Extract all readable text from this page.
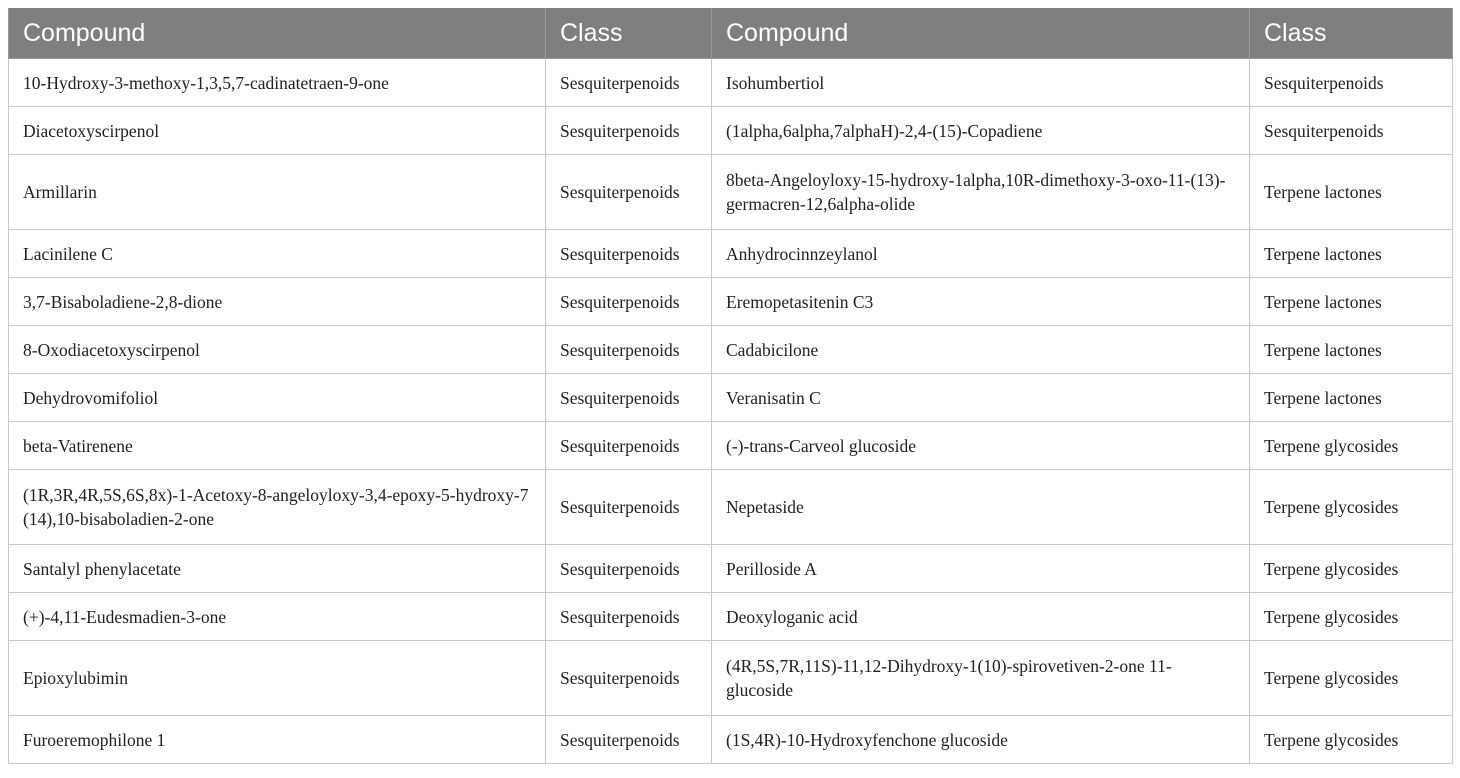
Compound	Class	Compound	Class
10-Hydroxy-3-methoxy-1,3,5,7-cadinatetraen-9-one	Sesquiterpenoids	Isohumbertiol	Sesquiterpenoids
Diacetoxyscirpenol	Sesquiterpenoids	(1alpha,6alpha,7alphaH)-2,4-(15)-Copadiene	Sesquiterpenoids
Armillarin	Sesquiterpenoids	8beta-Angeloyloxy-15-hydroxy-1alpha,10R-dimethoxy-3-oxo-11-(13)-germacren-12,6alpha-olide	Terpene lactones
Lacinilene C	Sesquiterpenoids	Anhydrocinnzeylanol	Terpene lactones
3,7-Bisaboladiene-2,8-dione	Sesquiterpenoids	Eremopetasitenin C3	Terpene lactones
8-Oxodiacetoxyscirpenol	Sesquiterpenoids	Cadabicilone	Terpene lactones
Dehydrovomifoliol	Sesquiterpenoids	Veranisatin C	Terpene lactones
beta-Vatirenene	Sesquiterpenoids	(-)-trans-Carveol glucoside	Terpene glycosides
(1R,3R,4R,5S,6S,8x)-1-Acetoxy-8-angeloyloxy-3,4-epoxy-5-hydroxy-7 (14),10-bisaboladien-2-one	Sesquiterpenoids	Nepetaside	Terpene glycosides
Santalyl phenylacetate	Sesquiterpenoids	Perilloside A	Terpene glycosides
(+)-4,11-Eudesmadien-3-one	Sesquiterpenoids	Deoxyloganic acid	Terpene glycosides
Epioxylubimin	Sesquiterpenoids	(4R,5S,7R,11S)-11,12-Dihydroxy-1(10)-spirovetiven-2-one 11-glucoside	Terpene glycosides
Furoeremophilone 1	Sesquiterpenoids	(1S,4R)-10-Hydroxyfenchone glucoside	Terpene glycosides
